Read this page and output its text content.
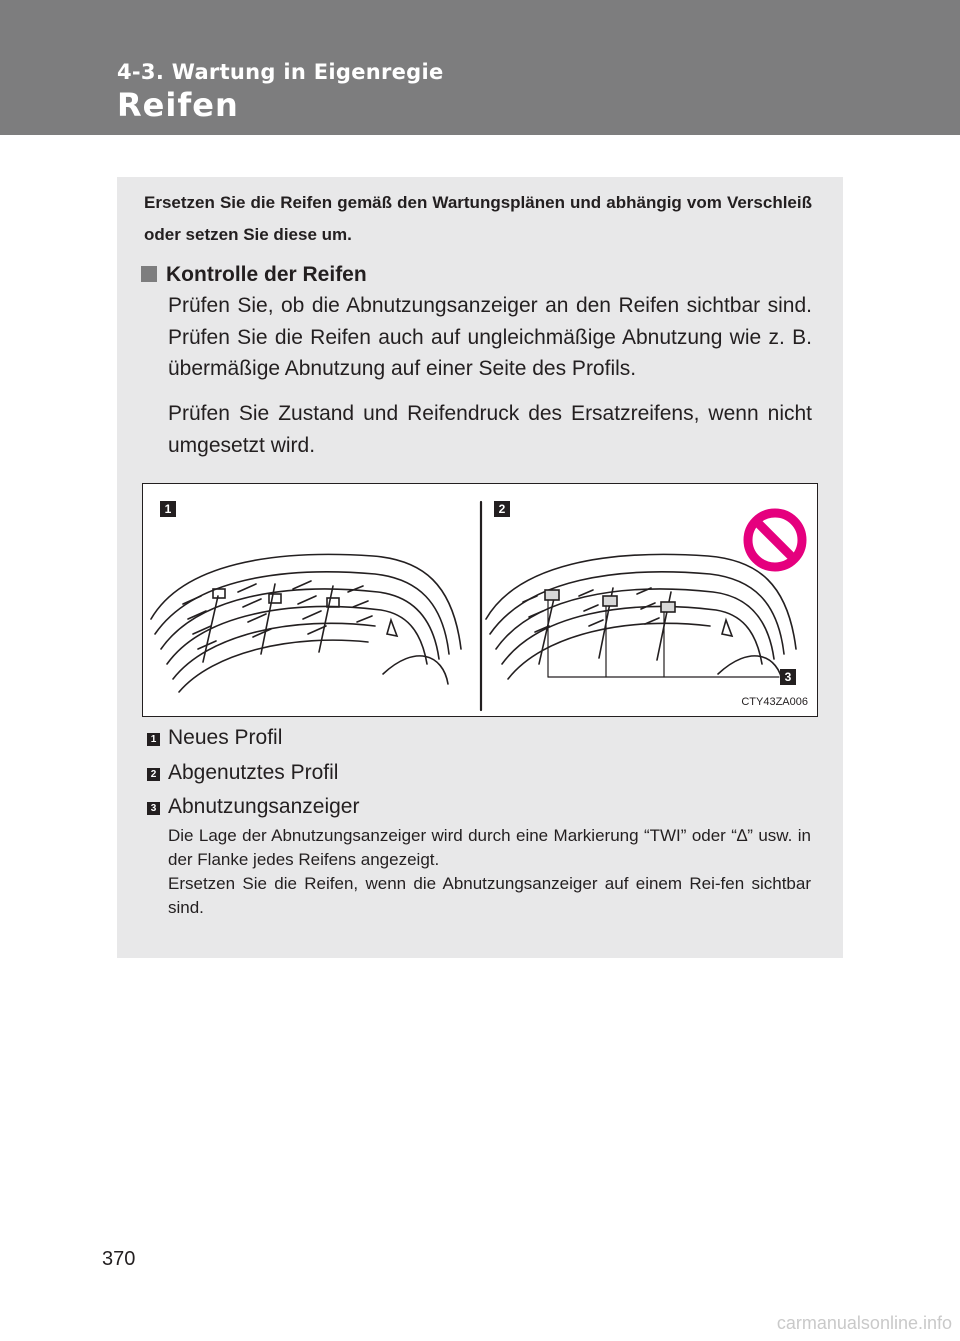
4-3. Wartung in Eigenregie
Reifen
Ersetzen Sie die Reifen gemäß den Wartungsplänen und abhängig vom Verschleiß oder setzen Sie diese um.
Kontrolle der Reifen
Prüfen Sie, ob die Abnutzungsanzeiger an den Reifen sichtbar sind. Prüfen Sie die Reifen auch auf ungleichmäßige Abnutzung wie z. B. übermäßige Abnutzung auf einer Seite des Profils.
Prüfen Sie Zustand und Reifendruck des Ersatzreifens, wenn nicht umgesetzt wird.
1	2
3
CTY43ZA006
1 Neues Profil
2 Abgenutztes Profil
3 Abnutzungsanzeiger

Die Lage der Abnutzungsanzeiger wird durch eine Markierung “TWI” oder “∆” usw. in der Flanke jedes Reifens angezeigt.

Ersetzen Sie die Reifen, wenn die Abnutzungsanzeiger auf einem Rei-fen sichtbar sind.

370
carmanualsonline.info
